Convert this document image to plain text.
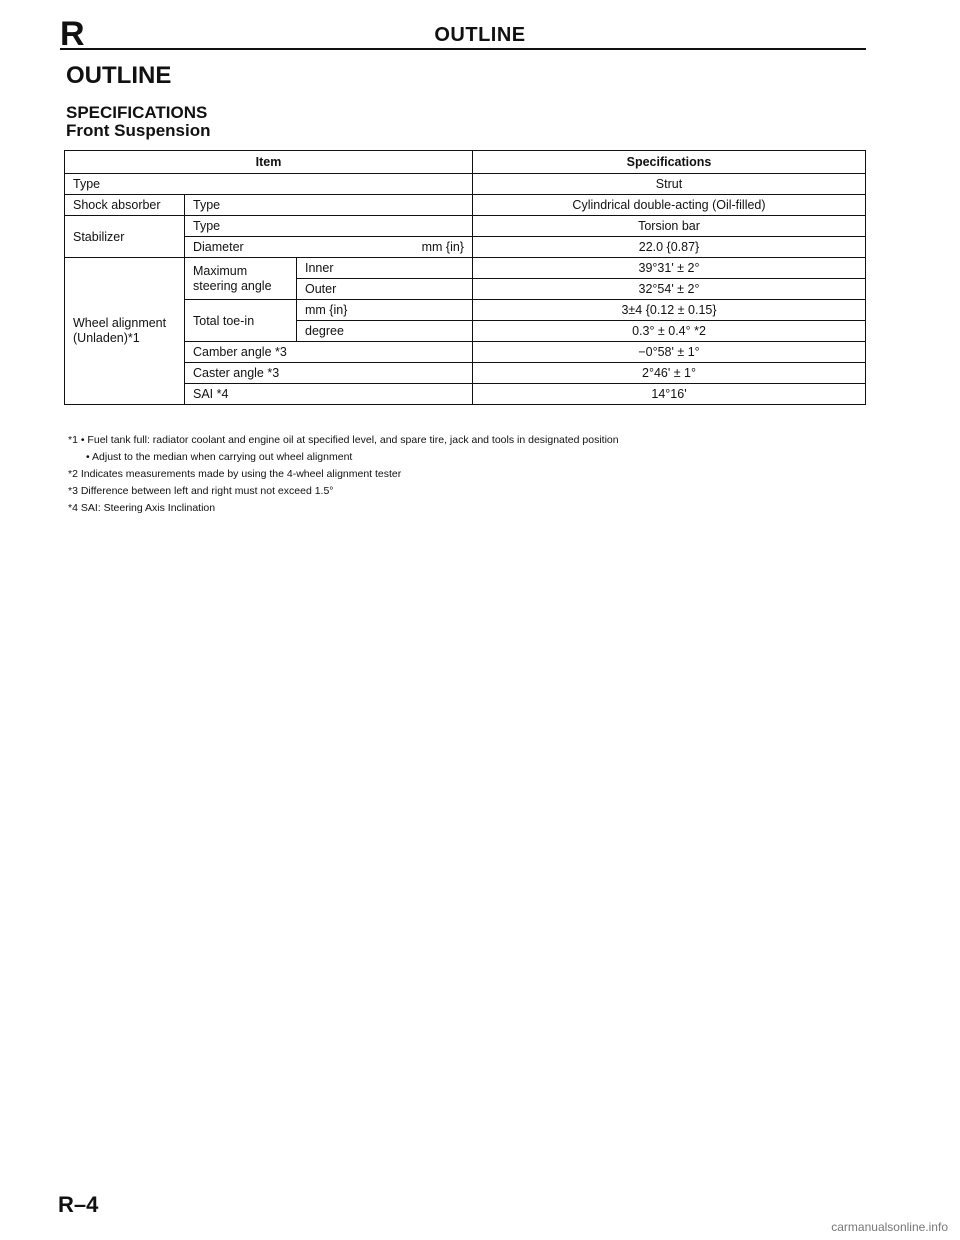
R	OUTLINE
OUTLINE
SPECIFICATIONS
Front Suspension
Item			Specifications
Type			Strut
Shock absorber	Type		Cylindrical double-acting (Oil-filled)
Stabilizer	Type		Torsion bar

	Diameter mm {in}		22.0 {0.87}
Wheel alignment (Unladen)*1	Maximum steering angle	Inner	39°31' ± 2°
		Outer	32°54' ± 2°
	Total toe-in	mm {in}	3±4 {0.12 ± 0.15}
		degree	0.3° ± 0.4° *2
	Camber angle *3		−0°58' ± 1°
	Caster angle *3		2°46' ± 1°
	SAI *4		14°16'
*1 • Fuel tank full: radiator coolant and engine oil at specified level, and spare tire, jack and tools in designated position
• Adjust to the median when carrying out wheel alignment
*2 Indicates measurements made by using the 4-wheel alignment tester
*3 Difference between left and right must not exceed 1.5°
*4 SAI: Steering Axis Inclination
R–4
carmanualsonline.info
